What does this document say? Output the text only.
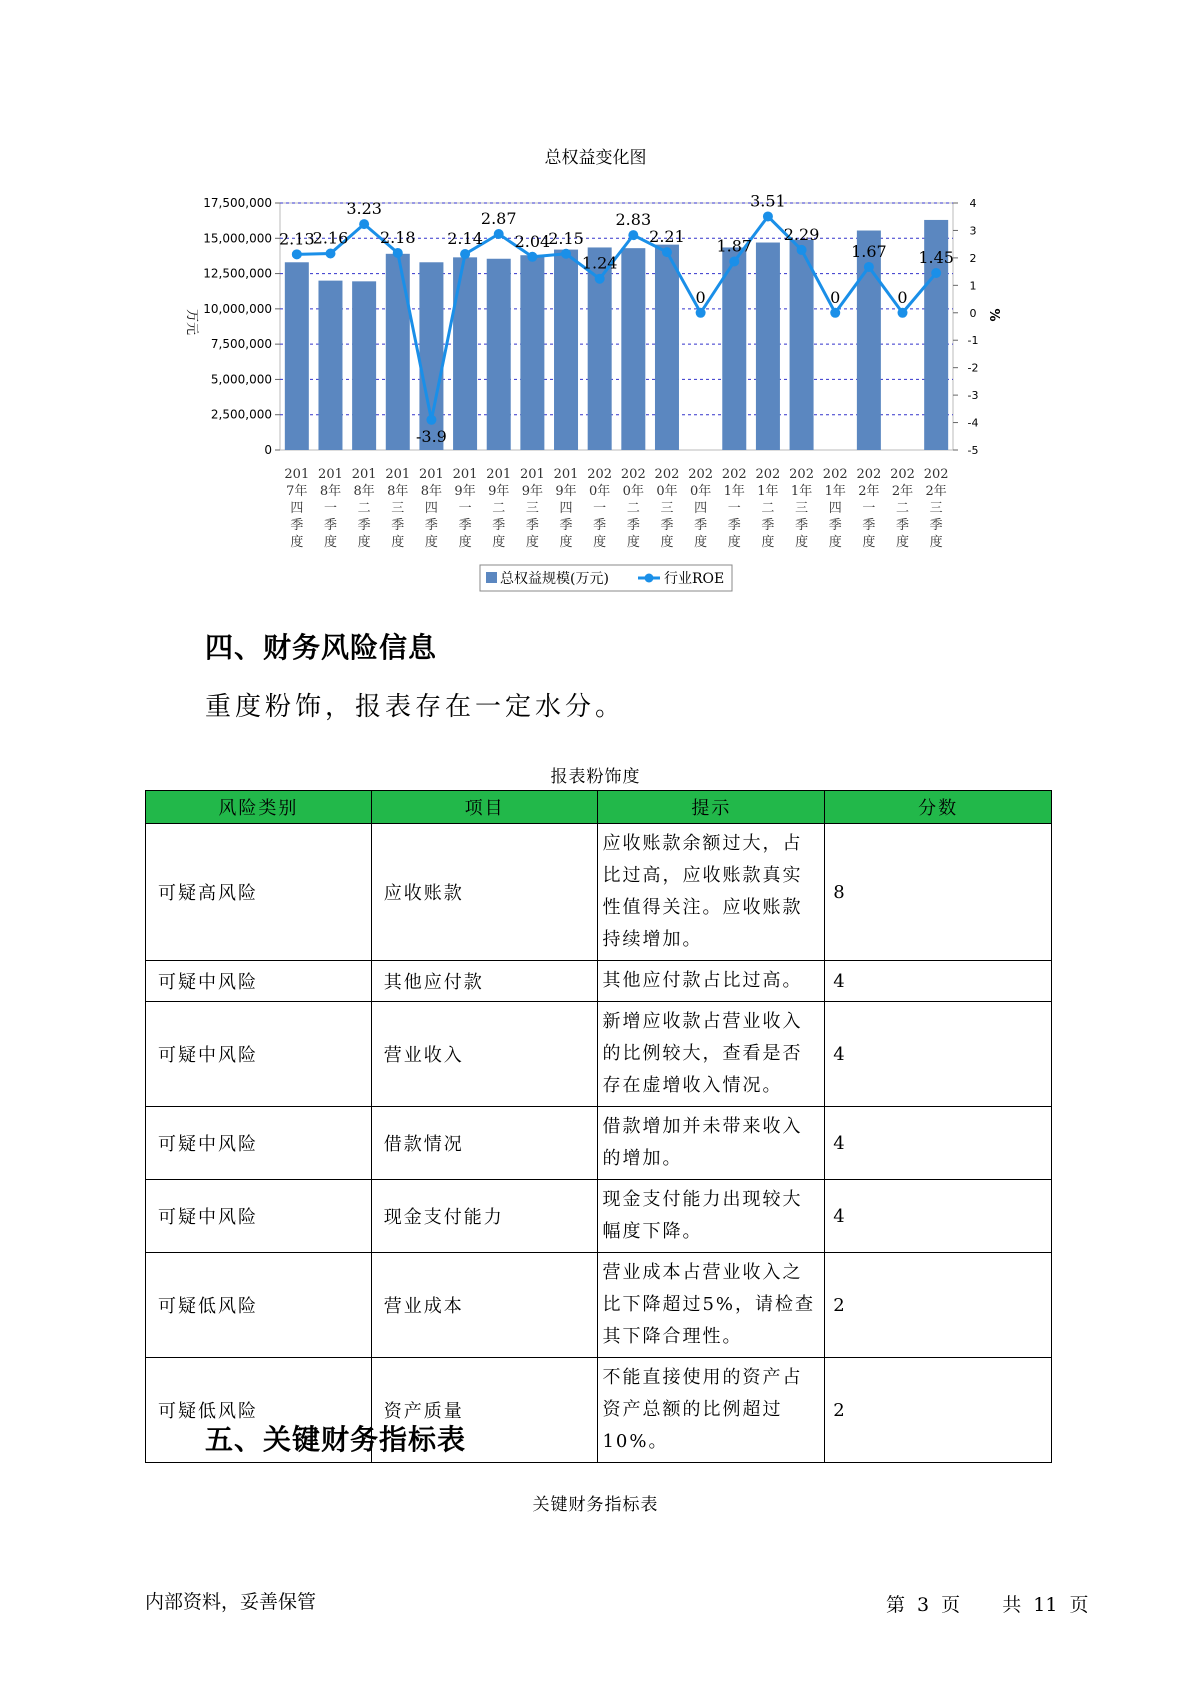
总权益变化图
0
2,500,000
5,000,000
7,500,000
10,000,000
12,500,000
15,000,000
17,500,000
-5
-4
-3
-2
-1
0
1
2
3
4
万元	%
201
7年
四
季
度
201
8年
一
季
度
201
8年
二
季
度
201
8年
三
季
度
201
8年
四
季
度
201
9年
一
季
度
201
9年
二
季
度
201
9年
三
季
度
201
9年
四
季
度
202
0年
一
季
度
202
0年
二
季
度
202
0年
三
季
度
202
0年
四
季
度
202
1年
一
季
度
202
1年
二
季
度
202
1年
三
季
度
202
1年
四
季
度
202
2年
一
季
度
202
2年
二
季
度
202
2年
三
季
度
2.13
2.16
3.23
2.18
-3.9
2.14
2.87
2.04
2.15
1.24
2.83
2.21
0
1.87
3.51
2.29
0
1.67
0
1.45
总权益规模(万元)	行业ROE
四、财务风险信息
重度粉饰，报表存在一定水分。
报表粉饰度
风险类别	项目	提示	分数
可疑高风险	应收账款	应收账款余额过大，占比过高，应收账款真实性值得关注。应收账款持续增加。	8
可疑中风险	其他应付款	其他应付款占比过高。	4
可疑中风险	营业收入	新增应收款占营业收入的比例较大，查看是否存在虚增收入情况。	4
可疑中风险	借款情况	借款增加并未带来收入的增加。	4
可疑中风险	现金支付能力	现金支付能力出现较大幅度下降。	4
可疑低风险	营业成本	营业成本占营业收入之比下降超过5%，请检查其下降合理性。	2
可疑低风险	资产质量	不能直接使用的资产占资产总额的比例超过10%。	2
五、关键财务指标表
关键财务指标表
内部资料，妥善保管	第 3 页 共 11 页
